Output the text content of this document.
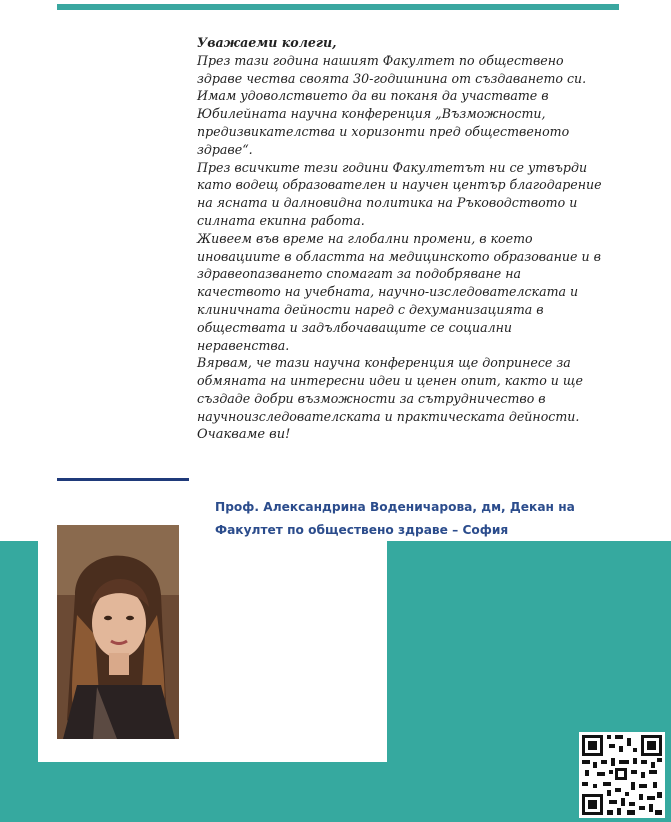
Уважаеми колеги,

През тази година нашият Факултет по обществено

здраве чества своята 30-годишнина от създаването си.

Имам удоволствието да ви поканя да участвате в

Юбилейната научна конференция „Възможности,

предизвикателства и хоризонти пред общественото

здраве“.

През всичките тези години Факултетът ни се утвърди

като водещ образователен и научен център благодарение

на ясната и далновидна политика на Ръководството и

силната екипна работа.

Живеем във време на глобални промени, в което

иновациите в областта на медицинското образование и в

здравеопазването спомагат за подобряване на

качеството на учебната, научно-изследователската и

клиничната дейности наред с дехуманизацията в

обществата и задълбочаващите се социални

неравенства.

Вярвам, че тази научна конференция ще допринесе за

обмяната на интересни идеи и ценен опит, както и ще

създаде добри възможности за сътрудничество в

научноизследователската и практическата дейности.

Очакваме ви!

Проф. Александрина Воденичарова, дм, Декан на
Факултет по обществено здраве – София
